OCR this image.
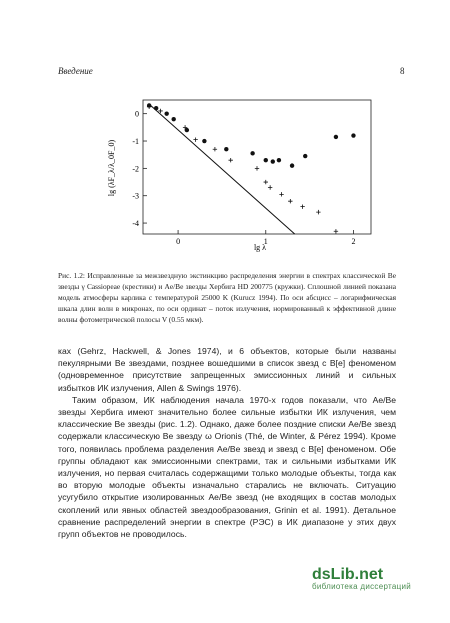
Введение	8
0
-1
-2
-3
-4
0	1	2
lg λ
lg (λF_λ/λ_0F_0)
Рис. 1.2: Исправленные за межзвездную экстинкцию распределения энергии в спектрах классической Be звезды γ Cassiopeae (крестики) и Ae/Be звезды Хербига HD 200775 (кружки). Сплошной линией показана модель атмосферы карлика с температурой 25000 K (Kurucz 1994). По оси абсцисс – логарифмическая шкала длин волн в микронах, по оси ординат – поток излучения, нормированный к эффективной длине волны фотометрической полосы V (0.55 мкм).

ках (Gehrz, Hackwell, & Jones 1974), и 6 объектов, которые были названы пекулярными Be звездами, позднее вошедшими в список звезд с B[e] феноменом (одновременное присутствие запрещенных эмиссионных линий и сильных избытков ИК излучения, Allen & Swings 1976).

Таким образом, ИК наблюдения начала 1970-х годов показали, что Ae/Be звезды Хербига имеют значительно более сильные избытки ИК излучения, чем классические Be звезды (рис. 1.2). Однако, даже более поздние списки Ae/Be звезд содержали классическую Be звезду ω Orionis (Thé, de Winter, & Pérez 1994). Кроме того, появилась проблема разделения Ae/Be звезд и звезд с B[e] феноменом. Обе группы обладают как эмиссионными спектрами, так и сильными избытками ИК излучения, но первая считалась содержащими только молодые объекты, тогда как во вторую молодые объекты изначально старались не включать. Ситуацию усугубило открытие изолированных Ae/Be звезд (не входящих в состав молодых скоплений или явных областей звездообразования, Grinin et al. 1991). Детальное сравнение распределений энергии в спектре (РЭС) в ИК диапазоне у этих двух групп объектов не проводилось.

dsLib.net
библиотека диссертаций
